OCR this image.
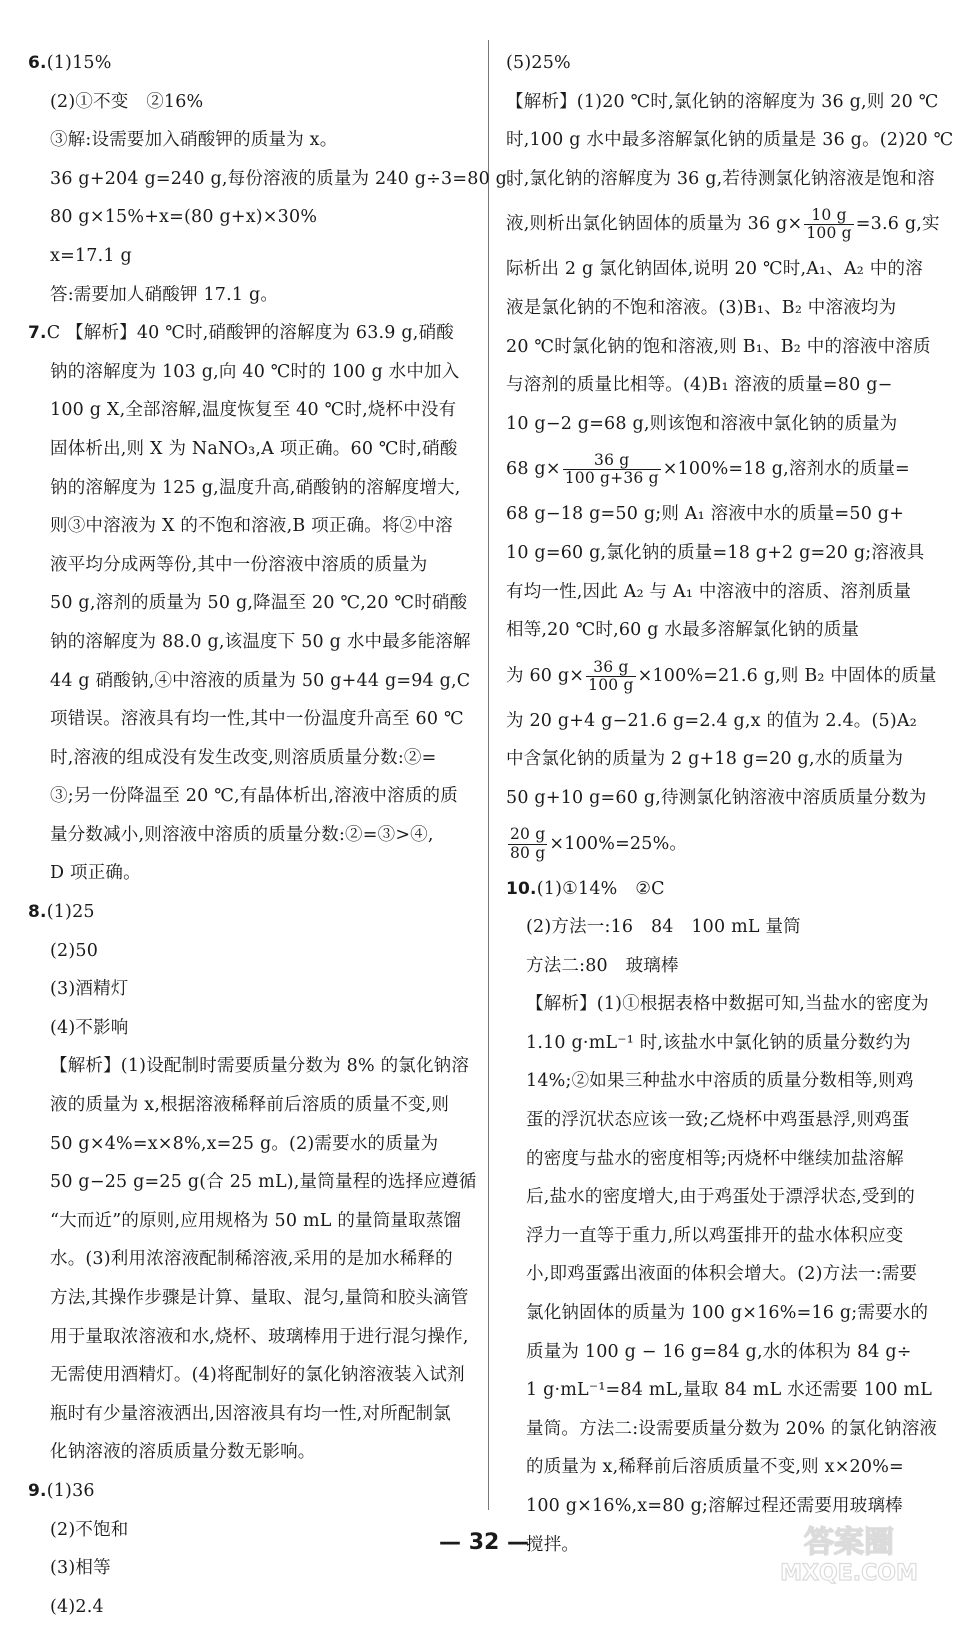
6.(1)15%
(2)①不变　②16%
③解:设需要加入硝酸钾的质量为 x。
36 g+204 g=240 g,每份溶液的质量为 240 g÷3=80 g。
80 g×15%+x=(80 g+x)×30%
x=17.1 g
答:需要加人硝酸钾 17.1 g。
7.C 【解析】40 ℃时,硝酸钾的溶解度为 63.9 g,硝酸
钠的溶解度为 103 g,向 40 ℃时的 100 g 水中加入
100 g X,全部溶解,温度恢复至 40 ℃时,烧杯中没有
固体析出,则 X 为 NaNO₃,A 项正确。60 ℃时,硝酸
钠的溶解度为 125 g,温度升高,硝酸钠的溶解度增大,
则③中溶液为 X 的不饱和溶液,B 项正确。将②中溶
液平均分成两等份,其中一份溶液中溶质的质量为
50 g,溶剂的质量为 50 g,降温至 20 ℃,20 ℃时硝酸
钠的溶解度为 88.0 g,该温度下 50 g 水中最多能溶解
44 g 硝酸钠,④中溶液的质量为 50 g+44 g=94 g,C
项错误。溶液具有均一性,其中一份温度升高至 60 ℃
时,溶液的组成没有发生改变,则溶质质量分数:②=
③;另一份降温至 20 ℃,有晶体析出,溶液中溶质的质
量分数减小,则溶液中溶质的质量分数:②=③>④,
D 项正确。
8.(1)25
(2)50
(3)酒精灯
(4)不影响
【解析】(1)设配制时需要质量分数为 8% 的氯化钠溶
液的质量为 x,根据溶液稀释前后溶质的质量不变,则
50 g×4%=x×8%,x=25 g。(2)需要水的质量为
50 g−25 g=25 g(合 25 mL),量筒量程的选择应遵循
“大而近”的原则,应用规格为 50 mL 的量筒量取蒸馏
水。(3)利用浓溶液配制稀溶液,采用的是加水稀释的
方法,其操作步骤是计算、量取、混匀,量筒和胶头滴管
用于量取浓溶液和水,烧杯、玻璃棒用于进行混匀操作,
无需使用酒精灯。(4)将配制好的氯化钠溶液装入试剂
瓶时有少量溶液洒出,因溶液具有均一性,对所配制氯
化钠溶液的溶质质量分数无影响。
9.(1)36
(2)不饱和
(3)相等
(4)2.4
(5)25%
【解析】(1)20 ℃时,氯化钠的溶解度为 36 g,则 20 ℃
时,100 g 水中最多溶解氯化钠的质量是 36 g。(2)20 ℃
时,氯化钠的溶解度为 36 g,若待测氯化钠溶液是饱和溶
液,则析出氯化钠固体的质量为 36 $g\times \frac{10 g}{100 g} =3.6$ g,实
际析出 2 g 氯化钠固体,说明 20 ℃时,A₁、A₂ 中的溶
液是氯化钠的不饱和溶液。(3)B₁、B₂ 中溶液均为
20 ℃时氯化钠的饱和溶液,则 B₁、B₂ 中的溶液中溶质
与溶剂的质量比相等。(4)B₁ 溶液的质量=80 g−
10 g−2 g=68 g,则该饱和溶液中氯化钠的质量为
68 $g\times \frac{36 g}{100 g+36 g} \times 100\%=18$ g,溶剂水的质量=
68 g−18 g=50 g;则 A₁ 溶液中水的质量=50 g+
10 g=60 g,氯化钠的质量=18 g+2 g=20 g;溶液具
有均一性,因此 A₂ 与 A₁ 中溶液中的溶质、溶剂质量
相等,20 ℃时,60 g 水最多溶解氯化钠的质量
为 60 $g\times \frac{36 g}{100 g} \times 100\%=21.6$ g,则 B₂ 中固体的质量
为 20 g+4 g−21.6 g=2.4 g,x 的值为 2.4。(5)A₂
中含氯化钠的质量为 2 g+18 g=20 g,水的质量为
50 g+10 g=60 g,待测氯化钠溶液中溶质质量分数为
$\frac{20 g}{80 g} \times 100\%=25\%$。
10.(1)①14%　②C
(2)方法一:16　84　100 mL 量筒
方法二:80　玻璃棒
【解析】(1)①根据表格中数据可知,当盐水的密度为
1.10 g·mL⁻¹ 时,该盐水中氯化钠的质量分数约为
14%;②如果三种盐水中溶质的质量分数相等,则鸡
蛋的浮沉状态应该一致;乙烧杯中鸡蛋悬浮,则鸡蛋
的密度与盐水的密度相等;丙烧杯中继续加盐溶解
后,盐水的密度增大,由于鸡蛋处于漂浮状态,受到的
浮力一直等于重力,所以鸡蛋排开的盐水体积应变
小,即鸡蛋露出液面的体积会增大。(2)方法一:需要
氯化钠固体的质量为 100 g×16%=16 g;需要水的
质量为 100 g − 16 g=84 g,水的体积为 84 g÷
1 g·mL⁻¹=84 mL,量取 84 mL 水还需要 100 mL
量筒。方法二:设需要质量分数为 20% 的氯化钠溶液
的质量为 x,稀释前后溶质质量不变,则 x×20%=
100 g×16%,x=80 g;溶解过程还需要用玻璃棒
搅拌。
— 32 —	答案圈
MXQE.COM
